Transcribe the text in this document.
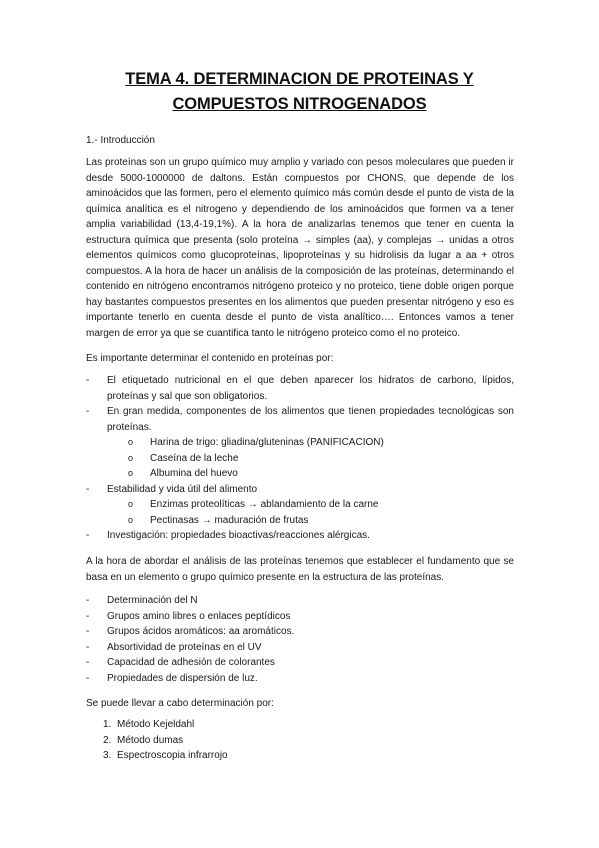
TEMA 4. DETERMINACION DE PROTEINAS Y
COMPUESTOS NITROGENADOS
1.- Introducción

Las proteínas son un grupo químico muy amplio y variado con pesos moleculares que pueden ir desde 5000-1000000 de daltons. Están compuestos por CHONS, que depende de los aminoácidos que las formen, pero el elemento químico más común desde el punto de vista de la química analítica es el nitrogeno y dependiendo de los aminoácidos que formen va a tener amplia variabilidad (13,4-19,1%). A la hora de analizarlas tenemos que tener en cuenta la estructura química que presenta (solo proteína → simples (aa), y complejas → unidas a otros elementos químicos como glucoproteínas, lipoproteínas y su hidrolisis da lugar a aa + otros compuestos. A la hora de hacer un análisis de la composición de las proteínas, determinando el contenido en nitrógeno encontramos nitrógeno proteico y no proteico, tiene doble origen porque hay bastantes compuestos presentes en los alimentos que pueden presentar nitrógeno y eso es importante tenerlo en cuenta desde el punto de vista analítico…. Entonces vamos a tener margen de error ya que se cuantifica tanto le nitrógeno proteico como el no proteico.

Es importante determinar el contenido en proteínas por:

- El etiquetado nutricional en el que deben aparecer los hidratos de carbono, lípidos, proteínas y sal que son obligatorios.
- En gran medida, componentes de los alimentos que tienen propiedades tecnológicas son proteínas.
o Harina de trigo: gliadina/gluteninas (PANIFICACION)
o Caseína de la leche
o Albumina del huevo
- Estabilidad y vida útil del alimento
o Enzimas proteolíticas → ablandamiento de la carne
o Pectinasas → maduración de frutas
- Investigación: propiedades bioactivas/reacciones alérgicas.

A la hora de abordar el análisis de las proteínas tenemos que establecer el fundamento que se basa en un elemento o grupo químico presente en la estructura de las proteínas.

- Determinación del N
- Grupos amino libres o enlaces peptídicos
- Grupos ácidos aromáticos: aa aromáticos.
- Absortividad de proteínas en el UV
- Capacidad de adhesión de colorantes
- Propiedades de dispersión de luz.

Se puede llevar a cabo determinación por:

1. Método Kejeldahl
2. Método dumas
3. Espectroscopia infrarrojo
